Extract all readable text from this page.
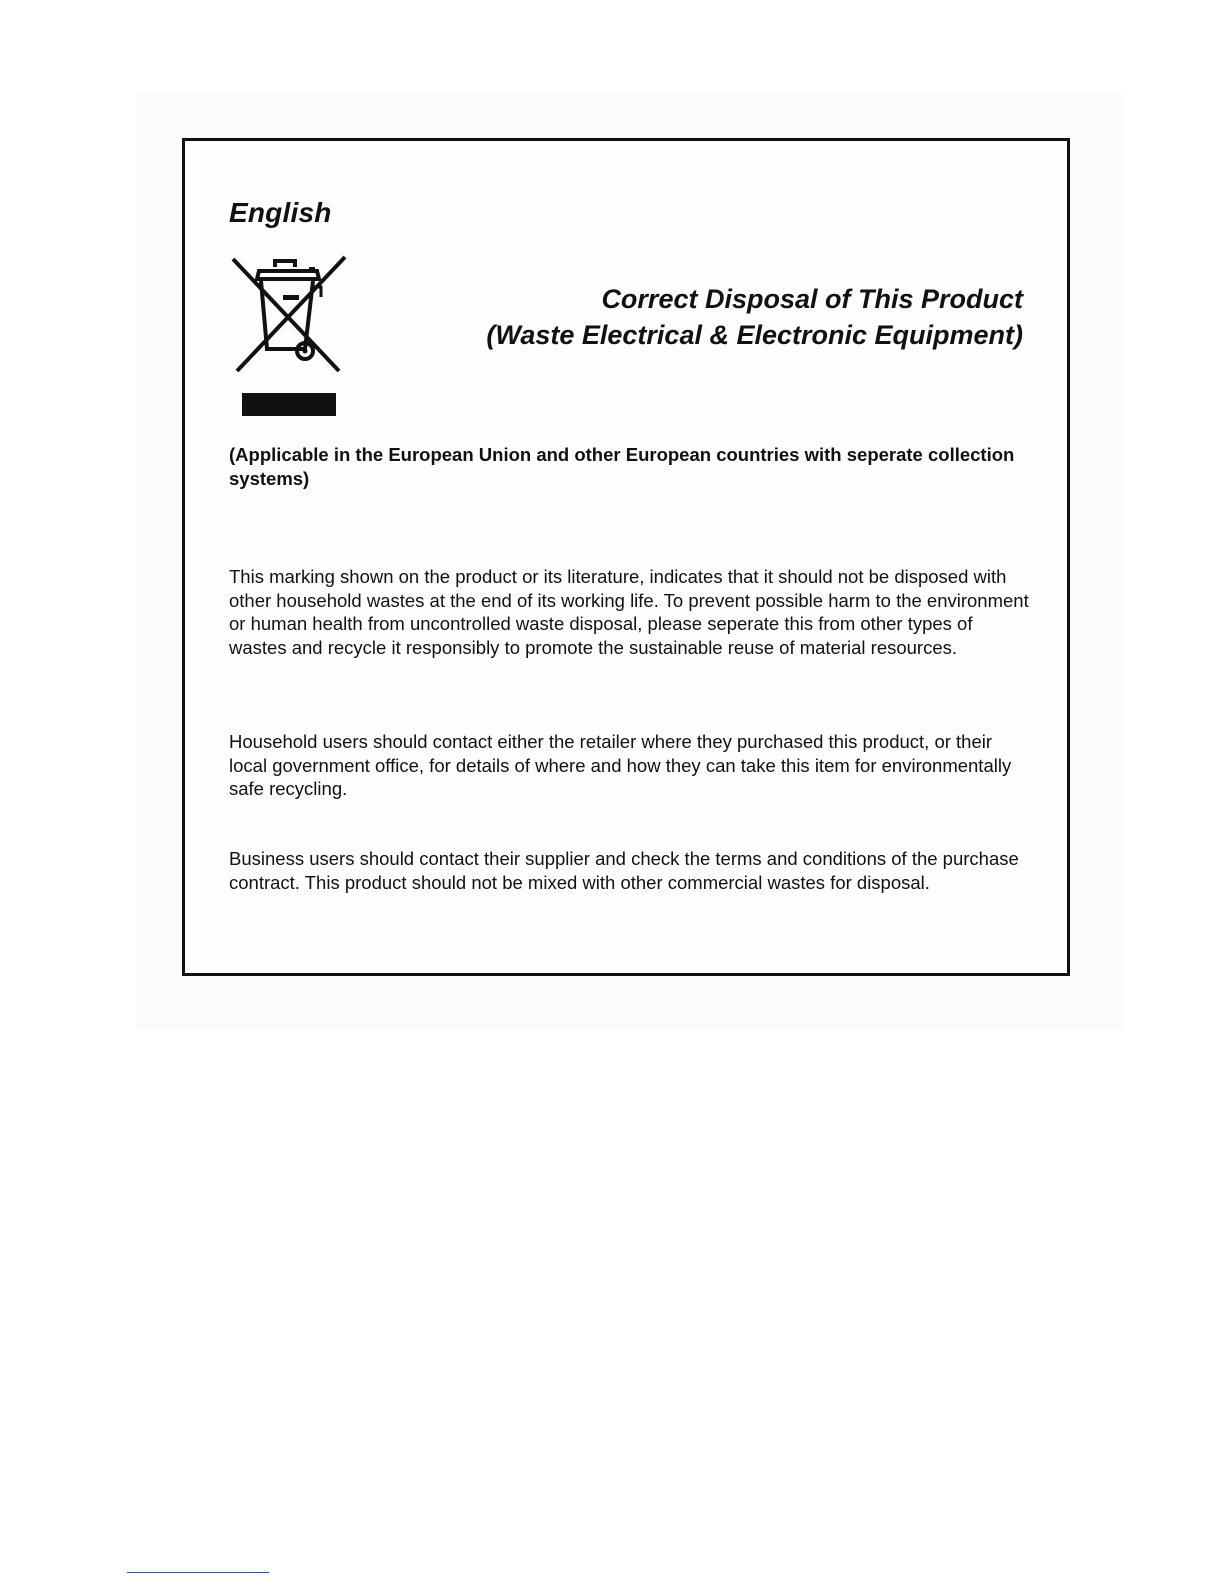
English
Correct Disposal of This Product
(Waste Electrical & Electronic Equipment)

(Applicable in the European Union and other European countries with seperate collection systems)

This marking shown on the product or its literature, indicates that it should not be disposed with other household wastes at the end of its working life. To prevent possible harm to the environment or human health from uncontrolled waste disposal, please seperate this from other types of wastes and recycle it responsibly to promote the sustainable reuse of material resources.

Household users should contact either the retailer where they purchased this product, or their local government office, for details of where and how they can take this item for environmentally safe recycling.

Business users should contact their supplier and check the terms and conditions of the purchase contract. This product should not be mixed with other commercial wastes for disposal.
